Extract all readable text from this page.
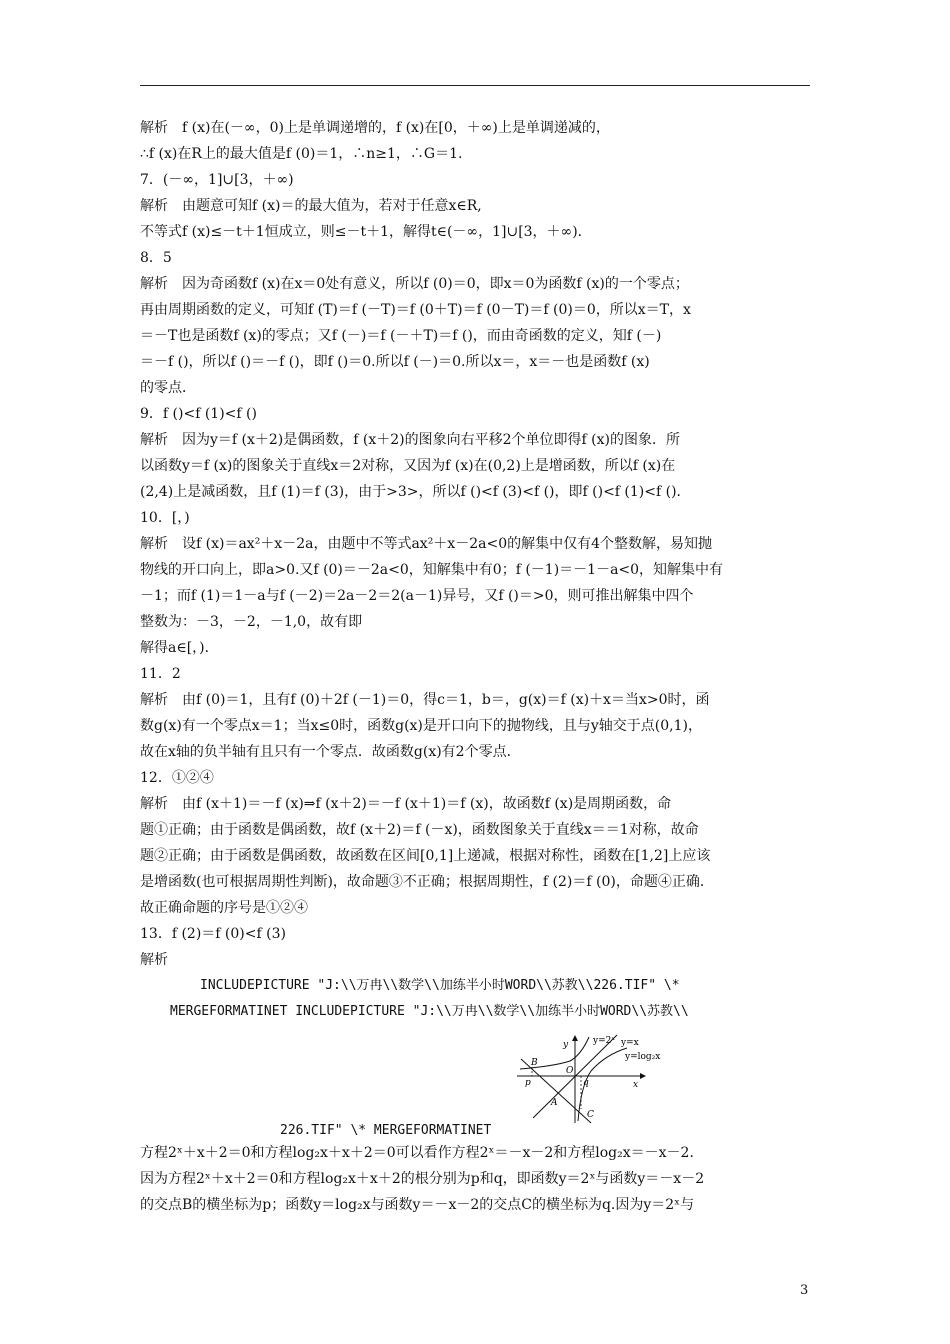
解析　f (x)在(－∞，0)上是单调递增的，f (x)在[0，＋∞)上是单调递减的，
∴f (x)在R上的最大值是f (0)＝1，∴n≥1，∴G＝1.
7．(－∞，1]∪[3，＋∞)
解析　由题意可知f (x)＝的最大值为，若对于任意x∈R,
不等式f (x)≤－t＋1恒成立，则≤－t＋1，解得t∈(－∞，1]∪[3，＋∞)．
8．5
解析　因为奇函数f (x)在x＝0处有意义，所以f (0)＝0，即x＝0为函数f (x)的一个零点；
再由周期函数的定义，可知f (T)＝f (－T)＝f (0＋T)＝f (0－T)＝f (0)＝0，所以x＝T，x
＝－T也是函数f (x)的零点；又f (－)＝f (－＋T)＝f ()，而由奇函数的定义，知f (－)
＝－f ()，所以f ()＝－f ()，即f ()＝0.所以f (－)＝0.所以x＝，x＝－也是函数f (x)
的零点．
9．f ()<f (1)<f ()
解析　因为y＝f (x＋2)是偶函数，f (x＋2)的图象向右平移2个单位即得f (x)的图象．所
以函数y＝f (x)的图象关于直线x＝2对称，又因为f (x)在(0,2)上是增函数，所以f (x)在
(2,4)上是减函数，且f (1)＝f (3)，由于>3>，所以f ()<f (3)<f ()，即f ()<f (1)<f ()．
10．[，)
解析　设f (x)＝ax²＋x－2a，由题中不等式ax²＋x－2a<0的解集中仅有4个整数解，易知抛
物线的开口向上，即a>0.又f (0)＝－2a<0，知解集中有0；f (－1)＝－1－a<0，知解集中有
－1；而f (1)＝1－a与f (－2)＝2a－2＝2(a－1)异号，又f ()＝>0，则可推出解集中四个
整数为：－3，－2，－1,0，故有即
解得a∈[，)．
11．2
解析　由f (0)＝1，且有f (0)＋2f (－1)＝0，得c＝1，b＝，g(x)＝f (x)＋x＝当x>0时，函
数g(x)有一个零点x＝1；当x≤0时，函数g(x)是开口向下的抛物线，且与y轴交于点(0,1)，
故在x轴的负半轴有且只有一个零点．故函数g(x)有2个零点．
12．①②④
解析　由f (x＋1)＝－f (x)⇒f (x＋2)＝－f (x＋1)＝f (x)，故函数f (x)是周期函数，命
题①正确；由于函数是偶函数，故f (x＋2)＝f (－x)，函数图象关于直线x＝＝1对称，故命
题②正确；由于函数是偶函数，故函数在区间[0,1]上递减，根据对称性，函数在[1,2]上应该
是增函数(也可根据周期性判断)，故命题③不正确；根据周期性，f (2)＝f (0)，命题④正确．
故正确命题的序号是①②④
13．f (2)＝f (0)<f (3)
解析
INCLUDEPICTURE "J:\\万冉\\数学\\加练半小时WORD\\苏教\\226.TIF" \*
MERGEFORMATINET INCLUDEPICTURE "J:\\万冉\\数学\\加练半小时WORD\\苏教\\
y=2ˣ y=x
y=log₂x
y
x
O
B
p	q
A
C
226.TIF" \* MERGEFORMATINET
方程2ˣ＋x＋2＝0和方程log₂x＋x＋2＝0可以看作方程2ˣ＝－x－2和方程log₂x＝－x－2.
因为方程2ˣ＋x＋2＝0和方程log₂x＋x＋2的根分别为p和q，即函数y＝2ˣ与函数y＝－x－2
的交点B的横坐标为p；函数y＝log₂x与函数y＝－x－2的交点C的横坐标为q.因为y＝2ˣ与
3
